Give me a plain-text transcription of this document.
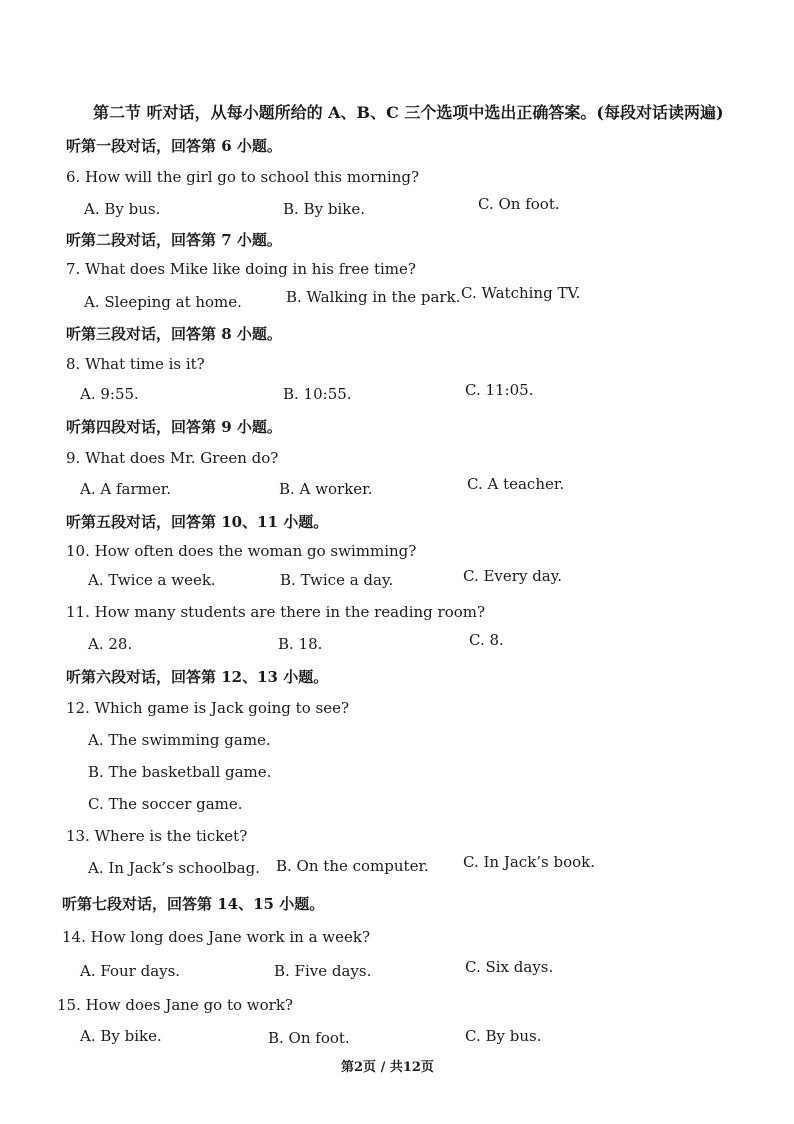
第二节 听对话，从每小题所给的 A、B、C 三个选项中选出正确答案。(每段对话读两遍)
听第一段对话，回答第 6 小题。
6. How will the girl go to school this morning?
A. By bus.	B. By bike.	C. On foot.
听第二段对话，回答第 7 小题。
7. What does Mike like doing in his free time?
A. Sleeping at home.	B. Walking in the park. C. Watching TV.
听第三段对话，回答第 8 小题。
8. What time is it?
A. 9:55.	B. 10:55.	C. 11:05.
听第四段对话，回答第 9 小题。
9. What does Mr. Green do?
A. A farmer.	B. A worker.	C. A teacher.
听第五段对话，回答第 10、11 小题。
10. How often does the woman go swimming?
A. Twice a week.	B. Twice a day.	C. Every day.
11. How many students are there in the reading room?
A. 28.	B. 18.	C. 8.
听第六段对话，回答第 12、13 小题。
12. Which game is Jack going to see?
A. The swimming game.
B. The basketball game.
C. The soccer game.
13. Where is the ticket?
A. In Jack’s schoolbag. B. On the computer. C. In Jack’s book.
听第七段对话，回答第 14、15 小题。
14. How long does Jane work in a week?
A. Four days.	B. Five days.	C. Six days.
15. How does Jane go to work?
A. By bike.	B. On foot.	C. By bus.
第2页 / 共12页
